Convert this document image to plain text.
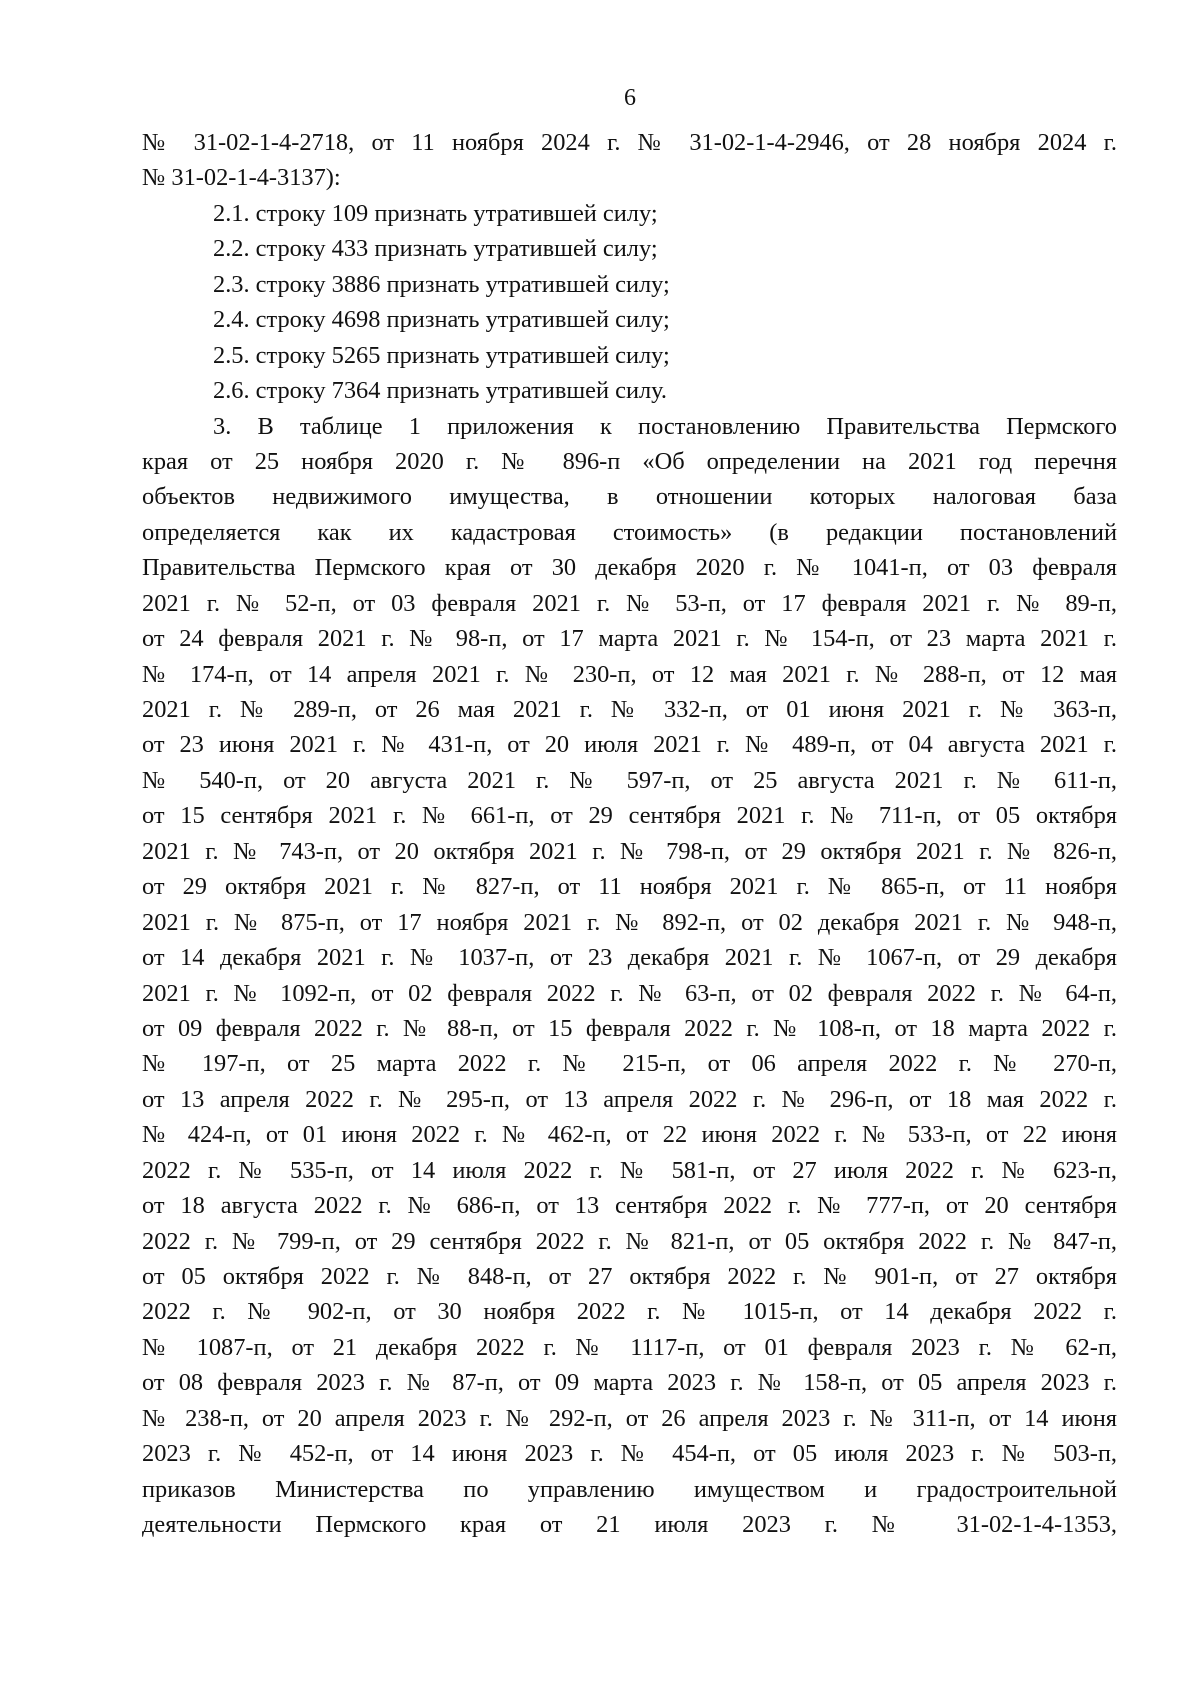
6
№ 31-02-1-4-2718, от 11 ноября 2024 г. № 31-02-1-4-2946, от 28 ноября 2024 г.
№ 31-02-1-4-3137):
2.1. строку 109 признать утратившей силу;
2.2. строку 433 признать утратившей силу;
2.3. строку 3886 признать утратившей силу;
2.4. строку 4698 признать утратившей силу;
2.5. строку 5265 признать утратившей силу;
2.6. строку 7364 признать утратившей силу.
3. В таблице 1 приложения к постановлению Правительства Пермского
края от 25 ноября 2020 г. № 896-п «Об определении на 2021 год перечня
объектов недвижимого имущества, в отношении которых налоговая база
определяется как их кадастровая стоимость» (в редакции постановлений
Правительства Пермского края от 30 декабря 2020 г. № 1041-п, от 03 февраля
2021 г. № 52-п, от 03 февраля 2021 г. № 53-п, от 17 февраля 2021 г. № 89-п,
от 24 февраля 2021 г. № 98-п, от 17 марта 2021 г. № 154-п, от 23 марта 2021 г.
№ 174-п, от 14 апреля 2021 г. № 230-п, от 12 мая 2021 г. № 288-п, от 12 мая
2021 г. № 289-п, от 26 мая 2021 г. № 332-п, от 01 июня 2021 г. № 363-п,
от 23 июня 2021 г. № 431-п, от 20 июля 2021 г. № 489-п, от 04 августа 2021 г.
№ 540-п, от 20 августа 2021 г. № 597-п, от 25 августа 2021 г. № 611-п,
от 15 сентября 2021 г. № 661-п, от 29 сентября 2021 г. № 711-п, от 05 октября
2021 г. № 743-п, от 20 октября 2021 г. № 798-п, от 29 октября 2021 г. № 826-п,
от 29 октября 2021 г. № 827-п, от 11 ноября 2021 г. № 865-п, от 11 ноября
2021 г. № 875-п, от 17 ноября 2021 г. № 892-п, от 02 декабря 2021 г. № 948-п,
от 14 декабря 2021 г. № 1037-п, от 23 декабря 2021 г. № 1067-п, от 29 декабря
2021 г. № 1092-п, от 02 февраля 2022 г. № 63-п, от 02 февраля 2022 г. № 64-п,
от 09 февраля 2022 г. № 88-п, от 15 февраля 2022 г. № 108-п, от 18 марта 2022 г.
№ 197-п, от 25 марта 2022 г. № 215-п, от 06 апреля 2022 г. № 270-п,
от 13 апреля 2022 г. № 295-п, от 13 апреля 2022 г. № 296-п, от 18 мая 2022 г.
№ 424-п, от 01 июня 2022 г. № 462-п, от 22 июня 2022 г. № 533-п, от 22 июня
2022 г. № 535-п, от 14 июля 2022 г. № 581-п, от 27 июля 2022 г. № 623-п,
от 18 августа 2022 г. № 686-п, от 13 сентября 2022 г. № 777-п, от 20 сентября
2022 г. № 799-п, от 29 сентября 2022 г. № 821-п, от 05 октября 2022 г. № 847-п,
от 05 октября 2022 г. № 848-п, от 27 октября 2022 г. № 901-п, от 27 октября
2022 г. № 902-п, от 30 ноября 2022 г. № 1015-п, от 14 декабря 2022 г.
№ 1087-п, от 21 декабря 2022 г. № 1117-п, от 01 февраля 2023 г. № 62-п,
от 08 февраля 2023 г. № 87-п, от 09 марта 2023 г. № 158-п, от 05 апреля 2023 г.
№ 238-п, от 20 апреля 2023 г. № 292-п, от 26 апреля 2023 г. № 311-п, от 14 июня
2023 г. № 452-п, от 14 июня 2023 г. № 454-п, от 05 июля 2023 г. № 503-п,
приказов Министерства по управлению имуществом и градостроительной
деятельности Пермского края от 21 июля 2023 г. № 31-02-1-4-1353,
